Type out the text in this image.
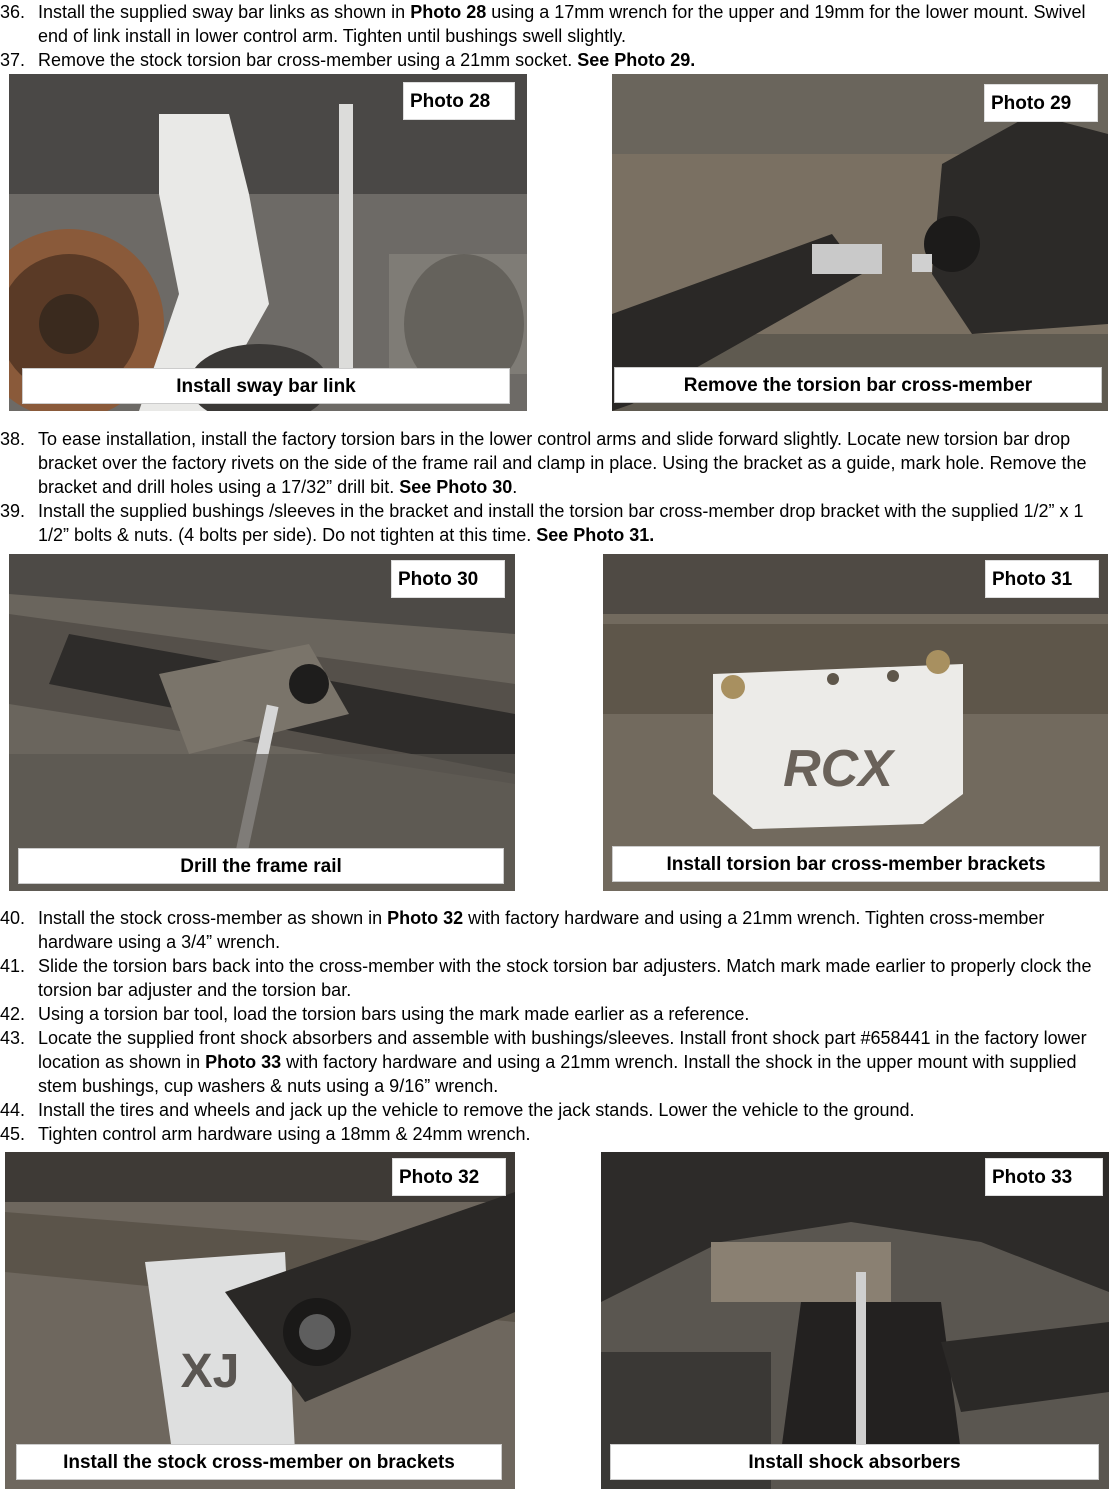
36. Install the supplied sway bar links as shown in Photo 28 using a 17mm wrench for the upper and 19mm for the lower mount. Swivel end of link install in lower control arm. Tighten until bushings swell slightly.
37. Remove the stock torsion bar cross-member using a 21mm socket. See Photo 29.
Photo 28
Install sway bar link
Photo 29
Remove the torsion bar cross-member
38. To ease installation, install the factory torsion bars in the lower control arms and slide forward slightly. Locate new torsion bar drop bracket over the factory rivets on the side of the frame rail and clamp in place. Using the bracket as a guide, mark hole. Remove the bracket and drill holes using a 17/32” drill bit. See Photo 30.
39. Install the supplied bushings /sleeves in the bracket and install the torsion bar cross-member drop bracket with the supplied 1/2” x 1 1/2” bolts & nuts. (4 bolts per side). Do not tighten at this time. See Photo 31.
Photo 30
Drill the frame rail
RCX
Photo 31
Install torsion bar cross-member brackets
40. Install the stock cross-member as shown in Photo 32 with factory hardware and using a 21mm wrench. Tighten cross-member hardware using a 3/4” wrench.
41. Slide the torsion bars back into the cross-member with the stock torsion bar adjusters. Match mark made earlier to properly clock the torsion bar adjuster and the torsion bar.
42. Using a torsion bar tool, load the torsion bars using the mark made earlier as a reference.
43. Locate the supplied front shock absorbers and assemble with bushings/sleeves. Install front shock part #658441 in the factory lower location as shown in Photo 33 with factory hardware and using a 21mm wrench. Install the shock in the upper mount with supplied stem bushings, cup washers & nuts using a 9/16” wrench.
44. Install the tires and wheels and jack up the vehicle to remove the jack stands. Lower the vehicle to the ground.
45. Tighten control arm hardware using a 18mm & 24mm wrench.
XJ
Photo 32
Install the stock cross-member on brackets
Photo 33
Install shock absorbers
